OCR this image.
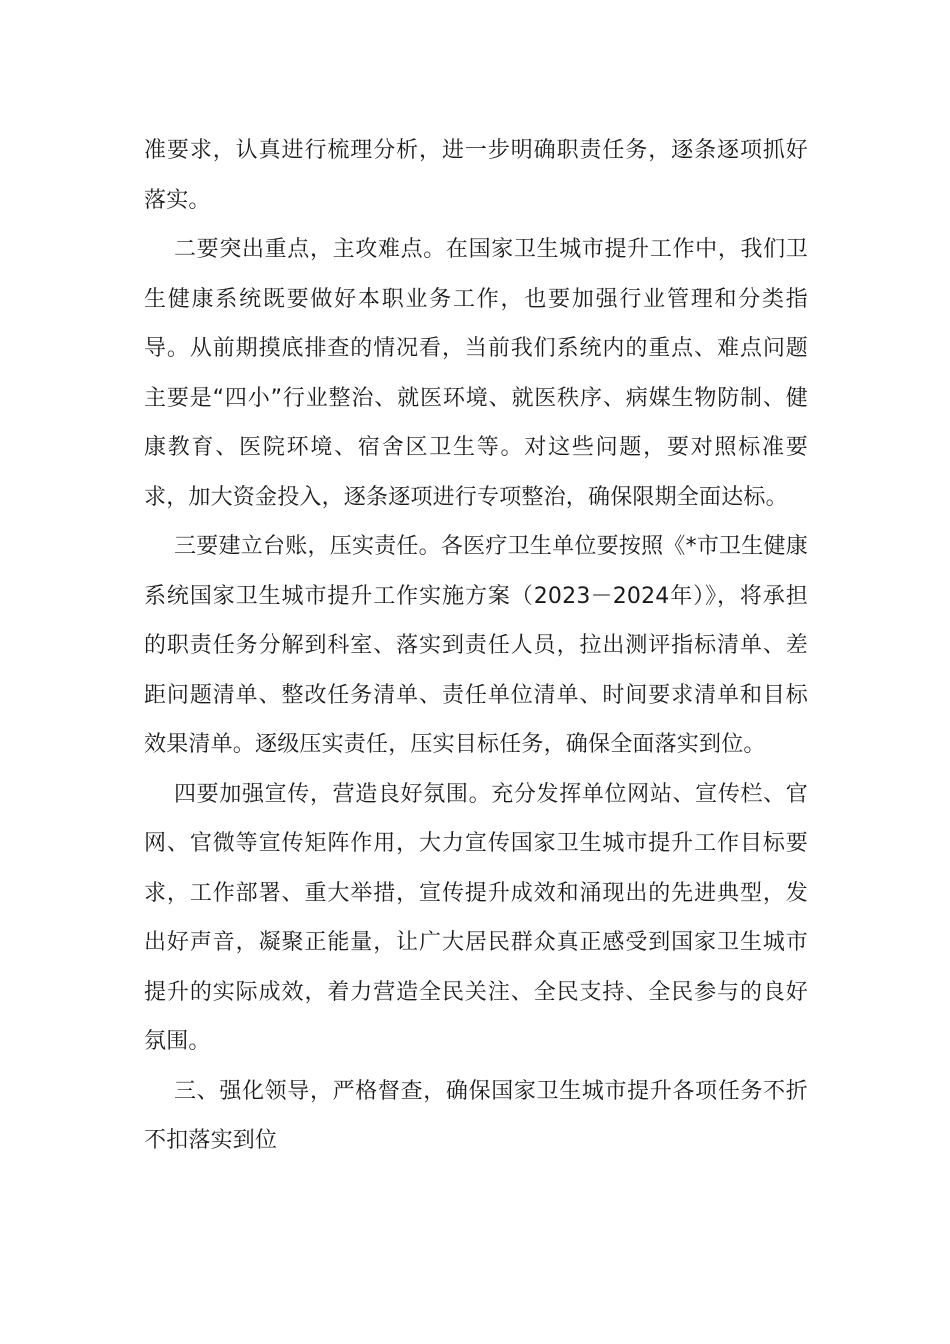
准要求，认真进行梳理分析，进一步明确职责任务，逐条逐项抓好落实。

二要突出重点，主攻难点。在国家卫生城市提升工作中，我们卫生健康系统既要做好本职业务工作，也要加强行业管理和分类指导。从前期摸底排查的情况看，当前我们系统内的重点、难点问题主要是“四小”行业整治、就医环境、就医秩序、病媒生物防制、健康教育、医院环境、宿舍区卫生等。对这些问题，要对照标准要求，加大资金投入，逐条逐项进行专项整治，确保限期全面达标。

三要建立台账，压实责任。各医疗卫生单位要按照《*市卫生健康系统国家卫生城市提升工作实施方案（2023－2024年）》，将承担的职责任务分解到科室、落实到责任人员，拉出测评指标清单、差距问题清单、整改任务清单、责任单位清单、时间要求清单和目标效果清单。逐级压实责任，压实目标任务，确保全面落实到位。

四要加强宣传，营造良好氛围。充分发挥单位网站、宣传栏、官网、官微等宣传矩阵作用，大力宣传国家卫生城市提升工作目标要求，工作部署、重大举措，宣传提升成效和涌现出的先进典型，发出好声音，凝聚正能量，让广大居民群众真正感受到国家卫生城市提升的实际成效，着力营造全民关注、全民支持、全民参与的良好氛围。

三、强化领导，严格督查，确保国家卫生城市提升各项任务不折不扣落实到位
